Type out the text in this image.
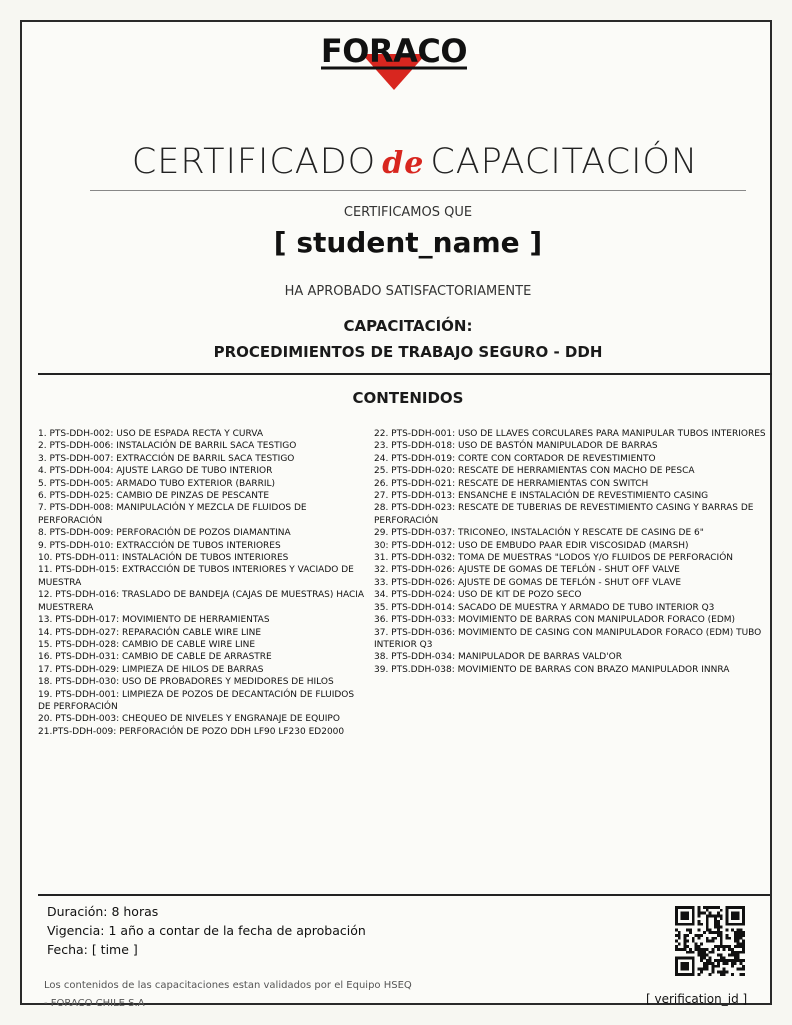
FORACO
CERTIFICADO de CAPACITACIÓN
CERTIFICAMOS QUE
[ student_name ]
HA APROBADO SATISFACTORIAMENTE
CAPACITACIÓN:
PROCEDIMIENTOS DE TRABAJO SEGURO - DDH
CONTENIDOS
1. PTS-DDH-002: USO DE ESPADA RECTA Y CURVA
2. PTS-DDH-006: INSTALACIÓN DE BARRIL SACA TESTIGO
3. PTS-DDH-007: EXTRACCIÓN DE BARRIL SACA TESTIGO
4. PTS-DDH-004: AJUSTE LARGO DE TUBO INTERIOR
5. PTS-DDH-005: ARMADO TUBO EXTERIOR (BARRIL)
6. PTS-DDH-025: CAMBIO DE PINZAS DE PESCANTE
7. PTS-DDH-008: MANIPULACIÓN Y MEZCLA DE FLUIDOS DE PERFORACIÓN
8. PTS-DDH-009: PERFORACIÓN DE POZOS DIAMANTINA
9. PTS-DDH-010: EXTRACCIÓN DE TUBOS INTERIORES
10. PTS-DDH-011: INSTALACIÓN DE TUBOS INTERIORES
11. PTS-DDH-015: EXTRACCIÓN DE TUBOS INTERIORES Y VACIADO DE MUESTRA
12. PTS-DDH-016: TRASLADO DE BANDEJA (CAJAS DE MUESTRAS) HACIA MUESTRERA
13. PTS-DDH-017: MOVIMIENTO DE HERRAMIENTAS
14. PTS-DDH-027: REPARACIÓN CABLE WIRE LINE
15. PTS-DDH-028: CAMBIO DE CABLE WIRE LINE
16. PTS-DDH-031: CAMBIO DE CABLE DE ARRASTRE
17. PTS-DDH-029: LIMPIEZA DE HILOS DE BARRAS
18. PTS-DDH-030: USO DE PROBADORES Y MEDIDORES DE HILOS
19. PTS-DDH-001: LIMPIEZA DE POZOS DE DECANTACIÓN DE FLUIDOS DE PERFORACIÓN
20. PTS-DDH-003: CHEQUEO DE NIVELES Y ENGRANAJE DE EQUIPO
21.PTS-DDH-009: PERFORACIÓN DE POZO DDH LF90 LF230 ED2000
22. PTS-DDH-001: USO DE LLAVES CORCULARES PARA MANIPULAR TUBOS INTERIORES
23. PTS-DDH-018: USO DE BASTÓN MANIPULADOR DE BARRAS
24. PTS-DDH-019: CORTE CON CORTADOR DE REVESTIMIENTO
25. PTS-DDH-020: RESCATE DE HERRAMIENTAS CON MACHO DE PESCA
26. PTS-DDH-021: RESCATE DE HERRAMIENTAS CON SWITCH
27. PTS-DDH-013: ENSANCHE E INSTALACIÓN DE REVESTIMIENTO CASING
28. PTS-DDH-023: RESCATE DE TUBERIAS DE REVESTIMIENTO CASING Y BARRAS DE PERFORACIÓN
29. PTS-DDH-037: TRICONEO, INSTALACIÓN Y RESCATE DE CASING DE 6"
30: PTS-DDH-012: USO DE EMBUDO PAAR EDIR VISCOSIDAD (MARSH)
31. PTS-DDH-032: TOMA DE MUESTRAS "LODOS Y/O FLUIDOS DE PERFORACIÓN
32. PTS-DDH-026: AJUSTE DE GOMAS DE TEFLÓN - SHUT OFF VALVE
33. PTS-DDH-026: AJUSTE DE GOMAS DE TEFLÓN - SHUT OFF VLAVE
34. PTS-DDH-024: USO DE KIT DE POZO SECO
35. PTS-DDH-014: SACADO DE MUESTRA Y ARMADO DE TUBO INTERIOR Q3
36. PTS-DDH-033: MOVIMIENTO DE BARRAS CON MANIPULADOR FORACO (EDM)
37. PTS-DDH-036: MOVIMIENTO DE CASING CON MANIPULADOR FORACO (EDM) TUBO INTERIOR Q3
38. PTS-DDH-034: MANIPULADOR DE BARRAS VALD'OR
39. PTS.DDH-038: MOVIMIENTO DE BARRAS CON BRAZO MANIPULADOR INNRA
Duración: 8 horas
Vigencia: 1 año a contar de la fecha de aprobación
Fecha: [ time ]
Los contenidos de las capacitaciones estan validados por el Equipo HSEQ - FORACO CHILE S.A	[ verification_id ]
